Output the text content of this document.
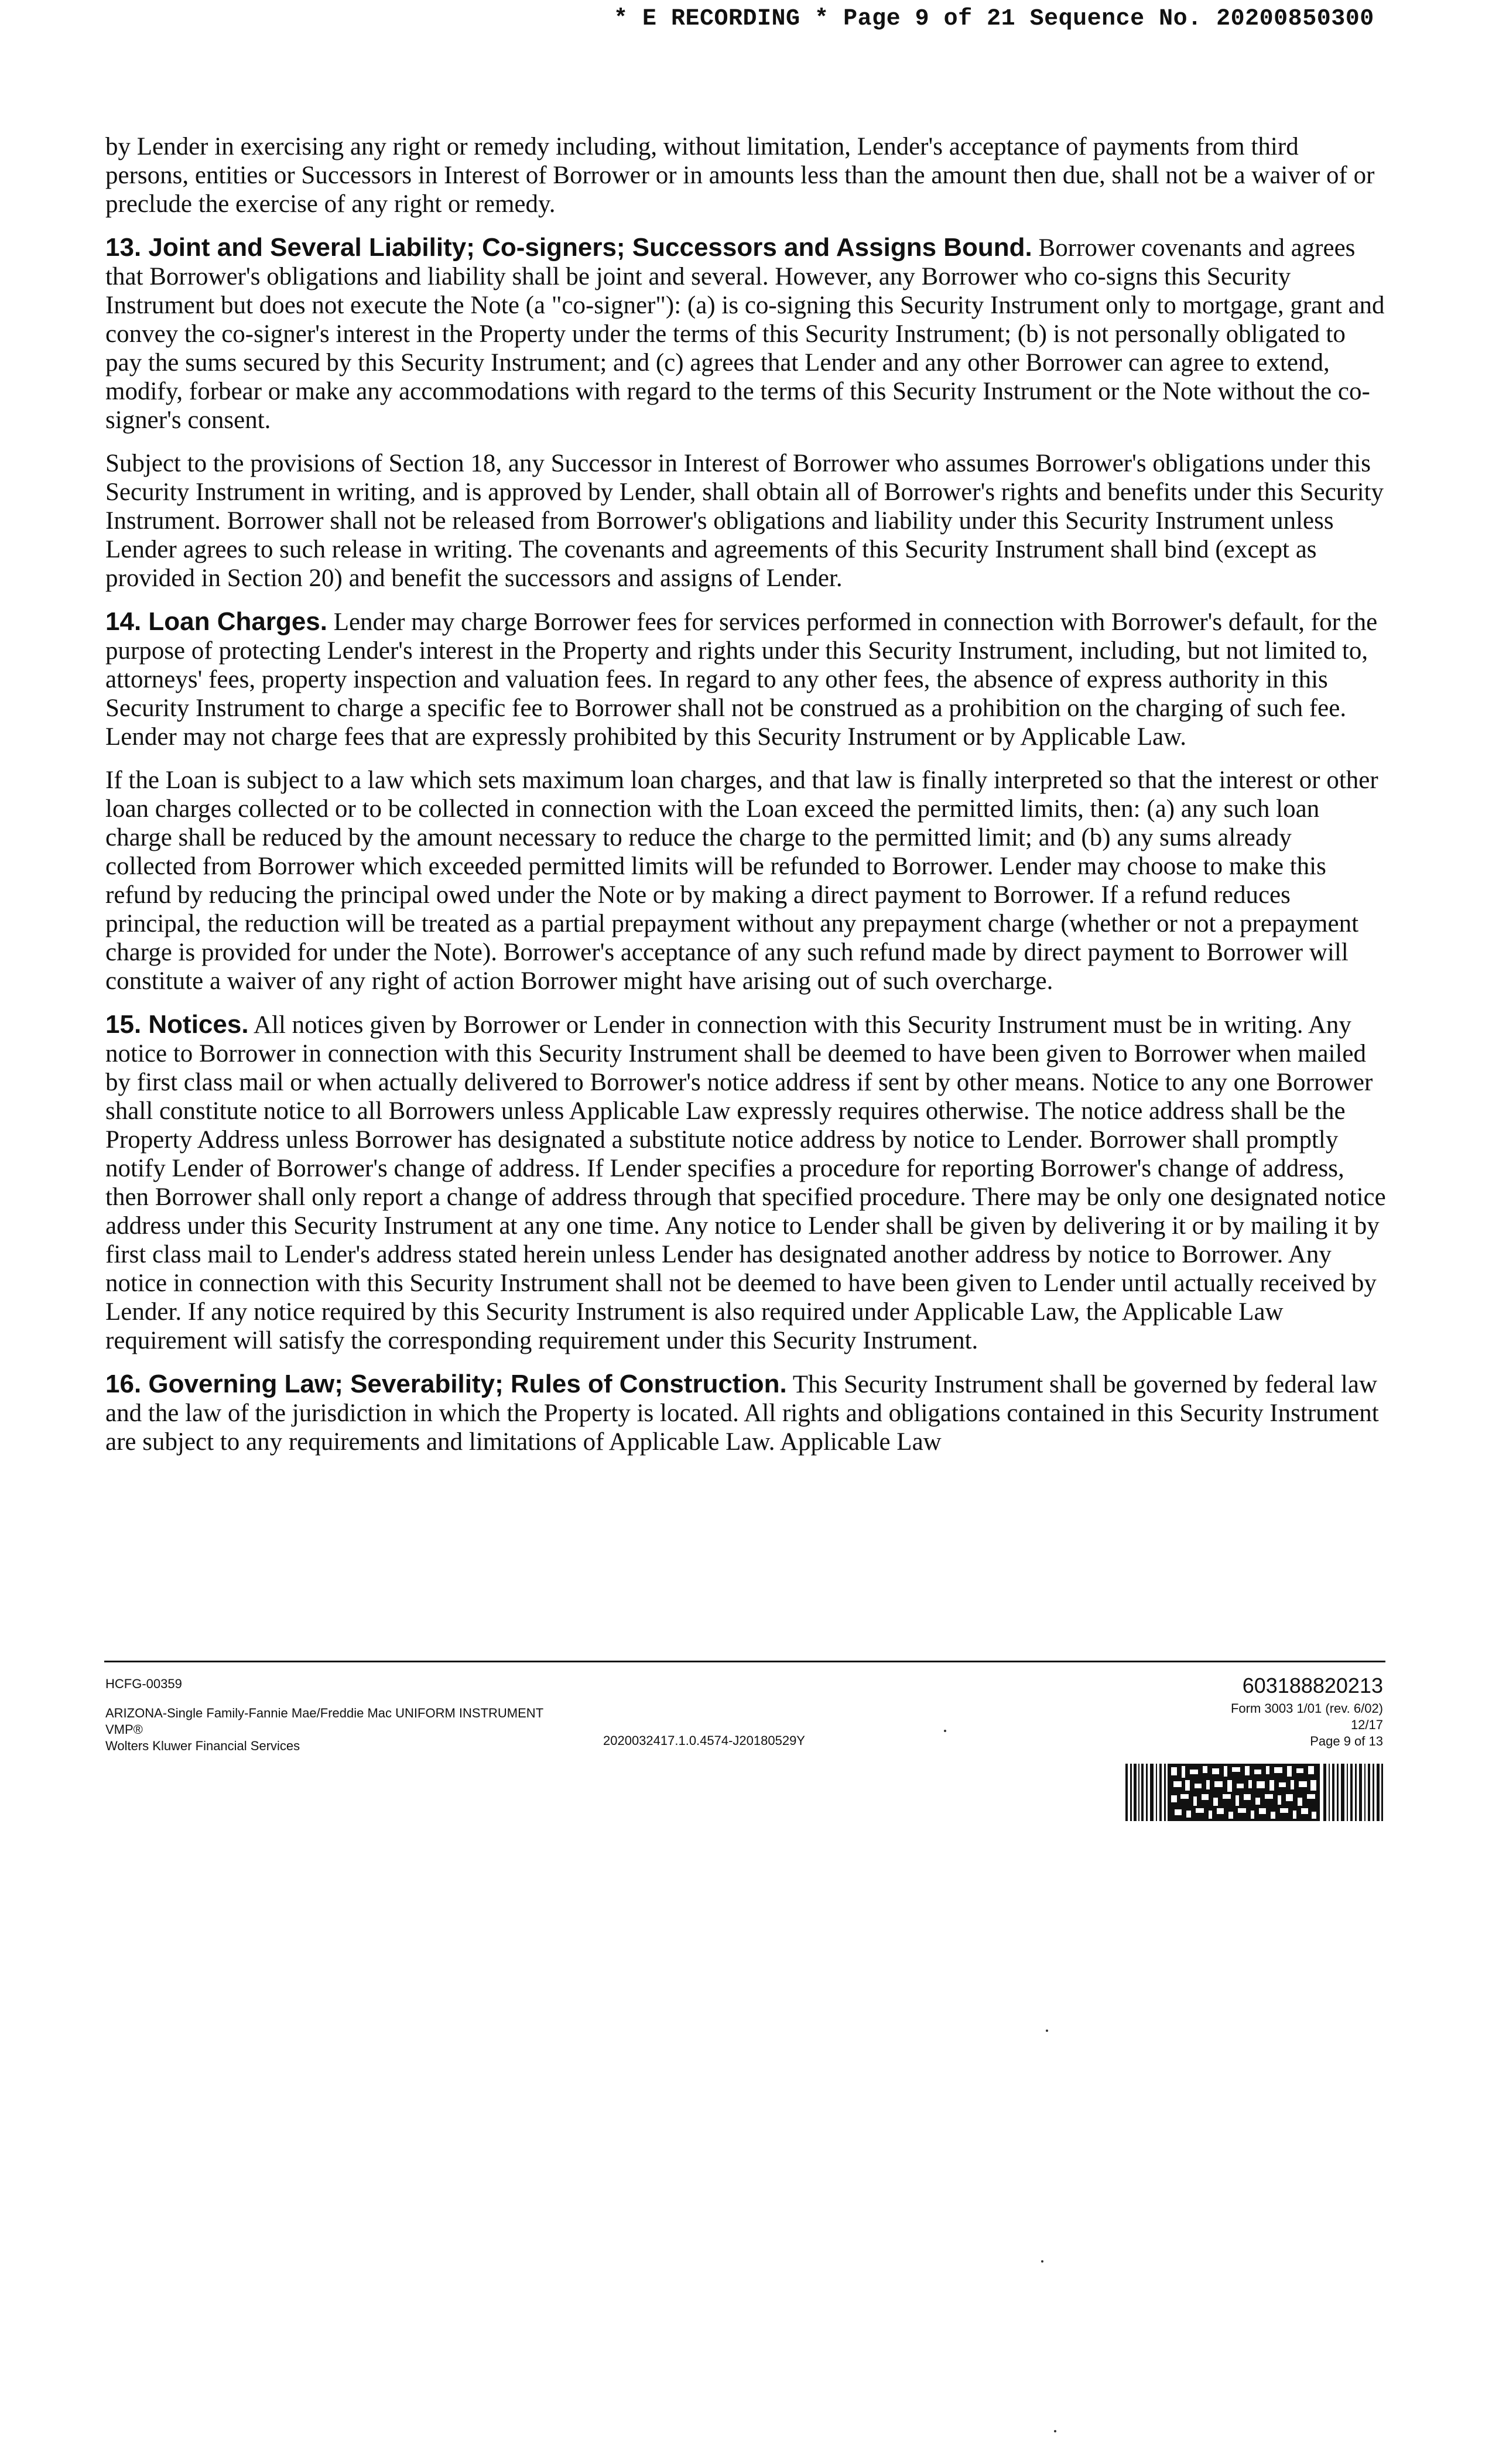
* E RECORDING * Page 9 of 21 Sequence No. 20200850300

by Lender in exercising any right or remedy including, without limitation, Lender's acceptance of payments from third persons, entities or Successors in Interest of Borrower or in amounts less than the amount then due, shall not be a waiver of or preclude the exercise of any right or remedy.

13. Joint and Several Liability; Co-signers; Successors and Assigns Bound. Borrower covenants and agrees that Borrower's obligations and liability shall be joint and several. However, any Borrower who co-signs this Security Instrument but does not execute the Note (a "co-signer"): (a) is co-signing this Security Instrument only to mortgage, grant and convey the co-signer's interest in the Property under the terms of this Security Instrument; (b) is not personally obligated to pay the sums secured by this Security Instrument; and (c) agrees that Lender and any other Borrower can agree to extend, modify, forbear or make any accommodations with regard to the terms of this Security Instrument or the Note without the co-signer's consent.

Subject to the provisions of Section 18, any Successor in Interest of Borrower who assumes Borrower's obligations under this Security Instrument in writing, and is approved by Lender, shall obtain all of Borrower's rights and benefits under this Security Instrument. Borrower shall not be released from Borrower's obligations and liability under this Security Instrument unless Lender agrees to such release in writing. The covenants and agreements of this Security Instrument shall bind (except as provided in Section 20) and benefit the successors and assigns of Lender.

14. Loan Charges. Lender may charge Borrower fees for services performed in connection with Borrower's default, for the purpose of protecting Lender's interest in the Property and rights under this Security Instrument, including, but not limited to, attorneys' fees, property inspection and valuation fees. In regard to any other fees, the absence of express authority in this Security Instrument to charge a specific fee to Borrower shall not be construed as a prohibition on the charging of such fee. Lender may not charge fees that are expressly prohibited by this Security Instrument or by Applicable Law.

If the Loan is subject to a law which sets maximum loan charges, and that law is finally interpreted so that the interest or other loan charges collected or to be collected in connection with the Loan exceed the permitted limits, then: (a) any such loan charge shall be reduced by the amount necessary to reduce the charge to the permitted limit; and (b) any sums already collected from Borrower which exceeded permitted limits will be refunded to Borrower. Lender may choose to make this refund by reducing the principal owed under the Note or by making a direct payment to Borrower. If a refund reduces principal, the reduction will be treated as a partial prepayment without any prepayment charge (whether or not a prepayment charge is provided for under the Note). Borrower's acceptance of any such refund made by direct payment to Borrower will constitute a waiver of any right of action Borrower might have arising out of such overcharge.

15. Notices. All notices given by Borrower or Lender in connection with this Security Instrument must be in writing. Any notice to Borrower in connection with this Security Instrument shall be deemed to have been given to Borrower when mailed by first class mail or when actually delivered to Borrower's notice address if sent by other means. Notice to any one Borrower shall constitute notice to all Borrowers unless Applicable Law expressly requires otherwise. The notice address shall be the Property Address unless Borrower has designated a substitute notice address by notice to Lender. Borrower shall promptly notify Lender of Borrower's change of address. If Lender specifies a procedure for reporting Borrower's change of address, then Borrower shall only report a change of address through that specified procedure. There may be only one designated notice address under this Security Instrument at any one time. Any notice to Lender shall be given by delivering it or by mailing it by first class mail to Lender's address stated herein unless Lender has designated another address by notice to Borrower. Any notice in connection with this Security Instrument shall not be deemed to have been given to Lender until actually received by Lender. If any notice required by this Security Instrument is also required under Applicable Law, the Applicable Law requirement will satisfy the corresponding requirement under this Security Instrument.

16. Governing Law; Severability; Rules of Construction. This Security Instrument shall be governed by federal law and the law of the jurisdiction in which the Property is located. All rights and obligations contained in this Security Instrument are subject to any requirements and limitations of Applicable Law. Applicable Law

HCFG-00359
ARIZONA-Single Family-Fannie Mae/Freddie Mac UNIFORM INSTRUMENT
VMP®
Wolters Kluwer Financial Services	2020032417.1.0.4574-J20180529Y
603188820213
Form 3003 1/01 (rev. 6/02)
12/17
Page 9 of 13
